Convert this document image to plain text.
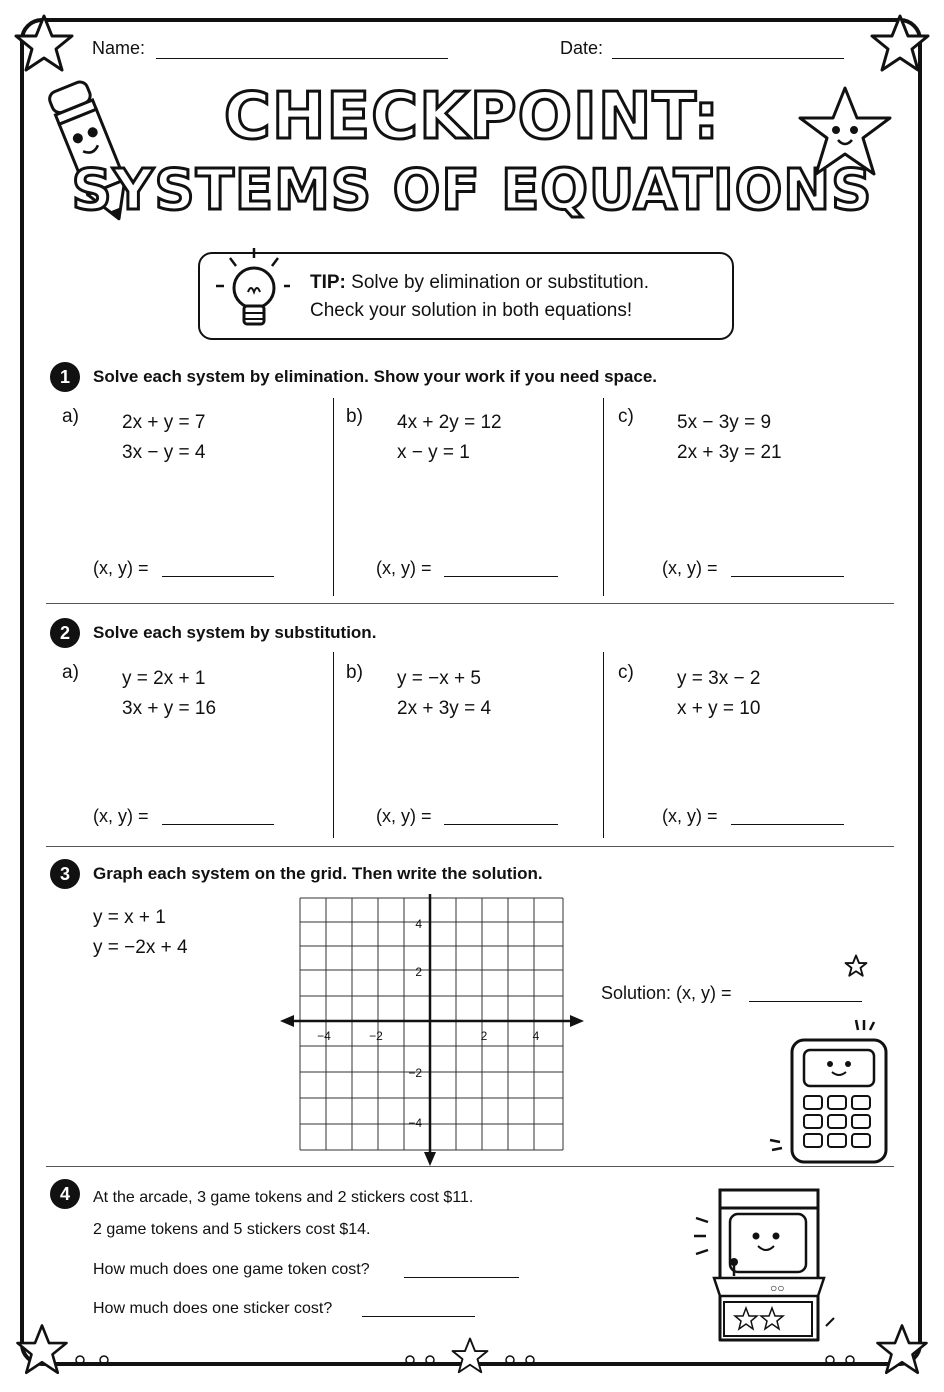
Name:	Date:
CHECKPOINT:
SYSTEMS OF EQUATIONS
TIP: Solve by elimination or substitution.
Check your solution in both equations!
1	Solve each system by elimination. Show your work if you need space.
a) 2x + y = 7
3x − y = 4
(x, y) =
b) 4x + 2y = 12
x − y = 1
(x, y) =
c) 5x − 3y = 9
2x + 3y = 21
(x, y) =
2	Solve each system by substitution.
a) y = 2x + 1
3x + y = 16
(x, y) =
b) y = −x + 5
2x + 3y = 4
(x, y) =
c) y = 3x − 2
x + y = 10
(x, y) =
3	Graph each system on the grid. Then write the solution.
y = x + 1
y = −2x + 4
−4	−2	2	4
4
2
−2
−4
Solution: (x, y) =
4	At the arcade, 3 game tokens and 2 stickers cost $11.
2 game tokens and 5 stickers cost $14.
How much does one game token cost?
How much does one sticker cost?
○○
